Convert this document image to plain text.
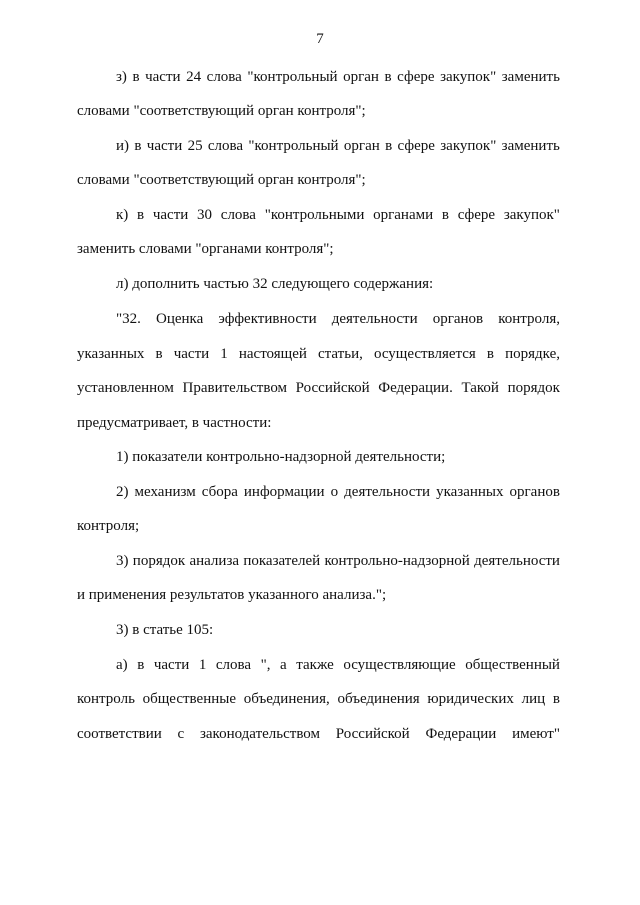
7
з) в части 24 слова "контрольный орган в сфере закупок" заменить
словами "соответствующий орган контроля";
и) в части 25 слова "контрольный орган в сфере закупок" заменить
словами "соответствующий орган контроля";
к) в части 30 слова "контрольными органами в сфере закупок"
заменить словами "органами контроля";
л) дополнить частью 32 следующего содержания:
"32. Оценка эффективности деятельности органов контроля,
указанных в части 1 настоящей статьи, осуществляется в порядке,
установленном Правительством Российской Федерации. Такой порядок
предусматривает, в частности:
1) показатели контрольно-надзорной деятельности;
2) механизм сбора информации о деятельности указанных органов
контроля;
3) порядок анализа показателей контрольно-надзорной деятельности
и применения результатов указанного анализа.";
3) в статье 105:
а) в части 1 слова ", а также осуществляющие общественный
контроль общественные объединения, объединения юридических лиц в
соответствии с законодательством Российской Федерации имеют"
